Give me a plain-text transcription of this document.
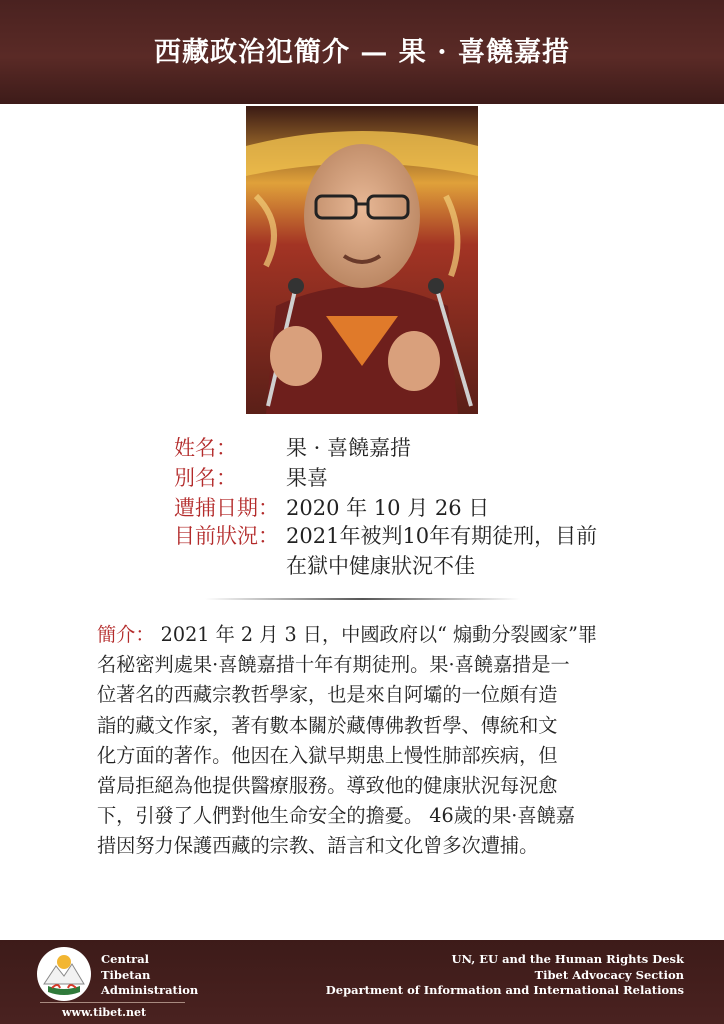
西藏政治犯簡介 — 果 · 喜饒嘉措
姓名： 果 · 喜饒嘉措
別名： 果喜
遭捕日期： 2020 年 10 月 26 日
目前狀況： 2021年被判10年有期徒刑，目前
在獄中健康狀況不佳
簡介： 2021 年 2 月 3 日，中國政府以“ 煽動分裂國家”罪
名秘密判處果·喜饒嘉措十年有期徒刑。果·喜饒嘉措是一
位著名的西藏宗教哲學家，也是來自阿壩的一位頗有造
詣的藏文作家，著有數本關於藏傳佛教哲學、傳統和文
化方面的著作。他因在入獄早期患上慢性肺部疾病，但
當局拒絕為他提供醫療服務。導致他的健康狀況每況愈
下，引發了人們對他生命安全的擔憂。 46歲的果·喜饒嘉
措因努力保護西藏的宗教、語言和文化曾多次遭捕。
Central
Tibetan
Administration
www.tibet.net
UN, EU and the Human Rights Desk
Tibet Advocacy Section
Department of Information and International Relations
